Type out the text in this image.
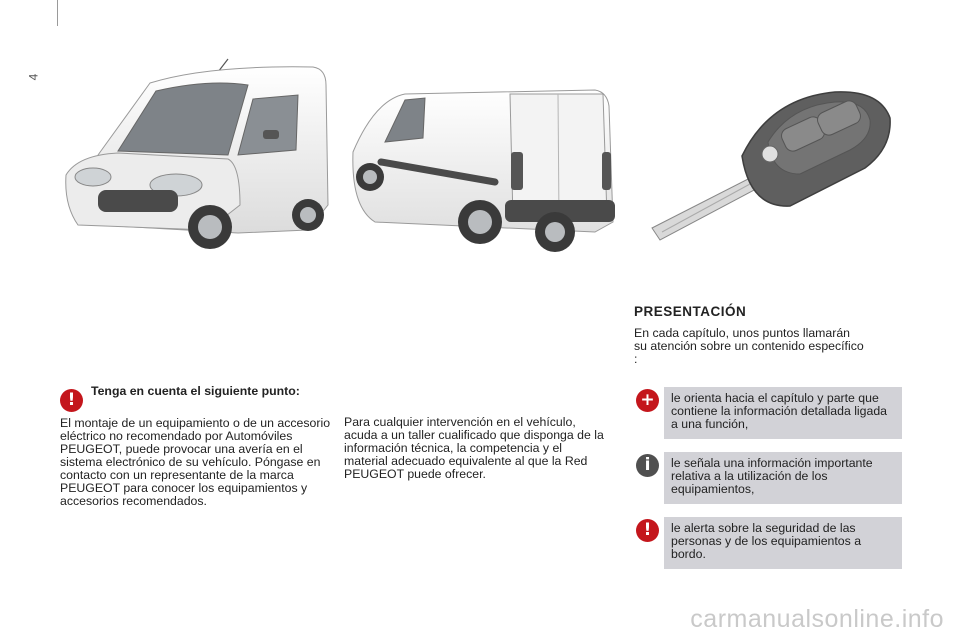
4
!	Tenga en cuenta el siguiente punto:
El montaje de un equipamiento o de un accesorio eléctrico no recomendado por Automóviles PEUGEOT, puede provocar una avería en el sistema electrónico de su vehículo. Póngase en contacto con un representante de la marca PEUGEOT para conocer los equipamientos y accesorios recomendados.
Para cualquier intervención en el vehículo, acuda a un taller cualificado que disponga de la información técnica, la competencia y el material adecuado equivalente al que la Red PEUGEOT puede ofrecer.
PRESENTACIÓN
En cada capítulo, unos puntos llamarán su atención sobre un contenido específico :
+	le orienta hacia el capítulo y parte que contiene la información detallada ligada a una función,
i	le señala una información importante relativa a la utilización de los equipamientos,
!	le alerta sobre la seguridad de las personas y de los equipamientos a bordo.
carmanualsonline.info
